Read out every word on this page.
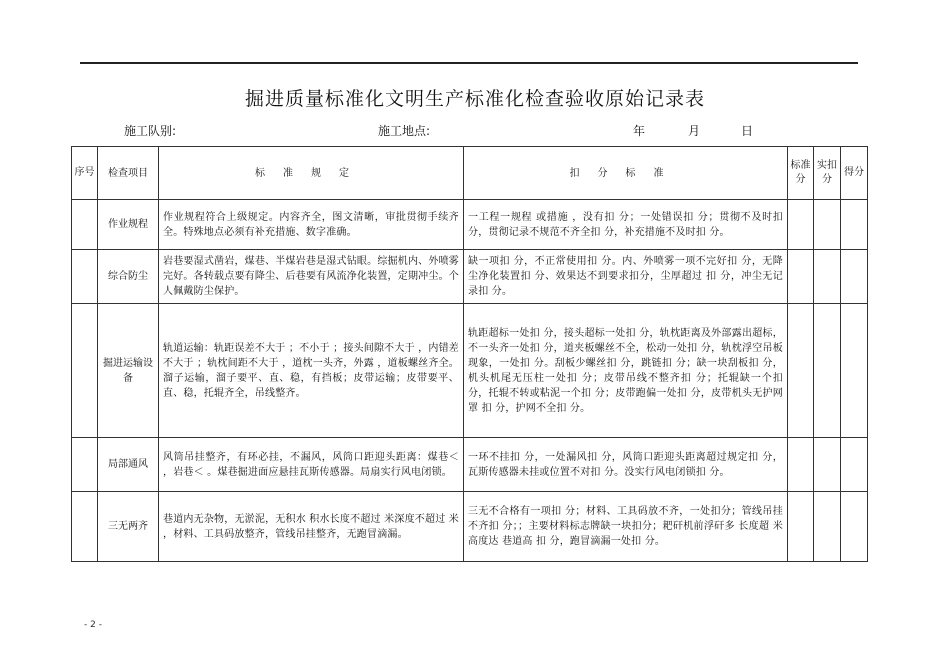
掘进质量标准化文明生产标准化检查验收原始记录表
施工队别:	施工地点:	年	月	日
序号	检查项目	标准规定	扣分标准	标准分	实扣分	得分
	作业规程	作业规程符合上级规定。内容齐全，图文清晰，审批贯彻手续齐全。特殊地点必须有补充措施、数字准确。	一工程一规程 或措施 ，没有扣 分；一处错误扣 分；贯彻不及时扣 分，贯彻记录不规范不齐全扣 分，补充措施不及时扣 分。			
	综合防尘	岩巷要湿式凿岩，煤巷、半煤岩巷是湿式钻眼。综掘机内、外喷雾完好。各转载点要有降尘、后巷要有风流净化装置，定期冲尘。个人佩戴防尘保护。	缺一项扣 分，不正常使用扣 分。内、外喷雾一项不完好扣 分，无降尘净化装置扣 分、效果达不到要求扣分，尘厚超过 扣 分，冲尘无记录扣 分。			
	掘进运输设备	轨道运输：轨距误差不大于 ；不小于 ；接头间隙不大于 ，内错差不大于 ；轨枕间距不大于 ，道枕一头齐，外露 ，道板螺丝齐全。溜子运输，溜子要平、直、稳，有挡板；皮带运输；皮带要平、直、稳，托辊齐全，吊线整齐。	轨距超标一处扣 分，接头超标一处扣 分，轨枕距离及外部露出超标，不一头齐一处扣 分，道夹板螺丝不全，松动一处扣 分，轨枕浮空吊板现象，一处扣 分。刮板少螺丝扣 分，跳链扣 分；缺一块刮板扣 分，机头机尾无压柱一处扣 分；皮带吊线不整齐扣 分；托辊缺一个扣 分，托辊不转或粘泥一个扣 分；皮带跑偏一处扣 分，皮带机头无护网 罩 扣 分，护网不全扣 分。			
	局部通风	风筒吊挂整齐，有环必挂，不漏风，风筒口距迎头距离：煤巷＜ ，岩巷＜ 。煤巷掘进面应悬挂瓦斯传感器。局扇实行风电闭锁。	一环不挂扣 分，一处漏风扣 分，风筒口距迎头距离超过规定扣 分，瓦斯传感器未挂或位置不对扣 分。没实行风电闭锁扣 分。			
	三无两齐	巷道内无杂物，无淤泥，无积水 积水长度不超过 米深度不超过 米 ，材料、工具码放整齐，管线吊挂整齐，无跑冒滴漏。	三无不合格有一项扣 分；材料、工具码放不齐，一处扣分；管线吊挂不齐扣 分；；主要材料标志牌缺一块扣分；耙矸机前浮矸多 长度超 米高度达 巷道高 扣 分，跑冒滴漏一处扣 分。			
- 2 -
